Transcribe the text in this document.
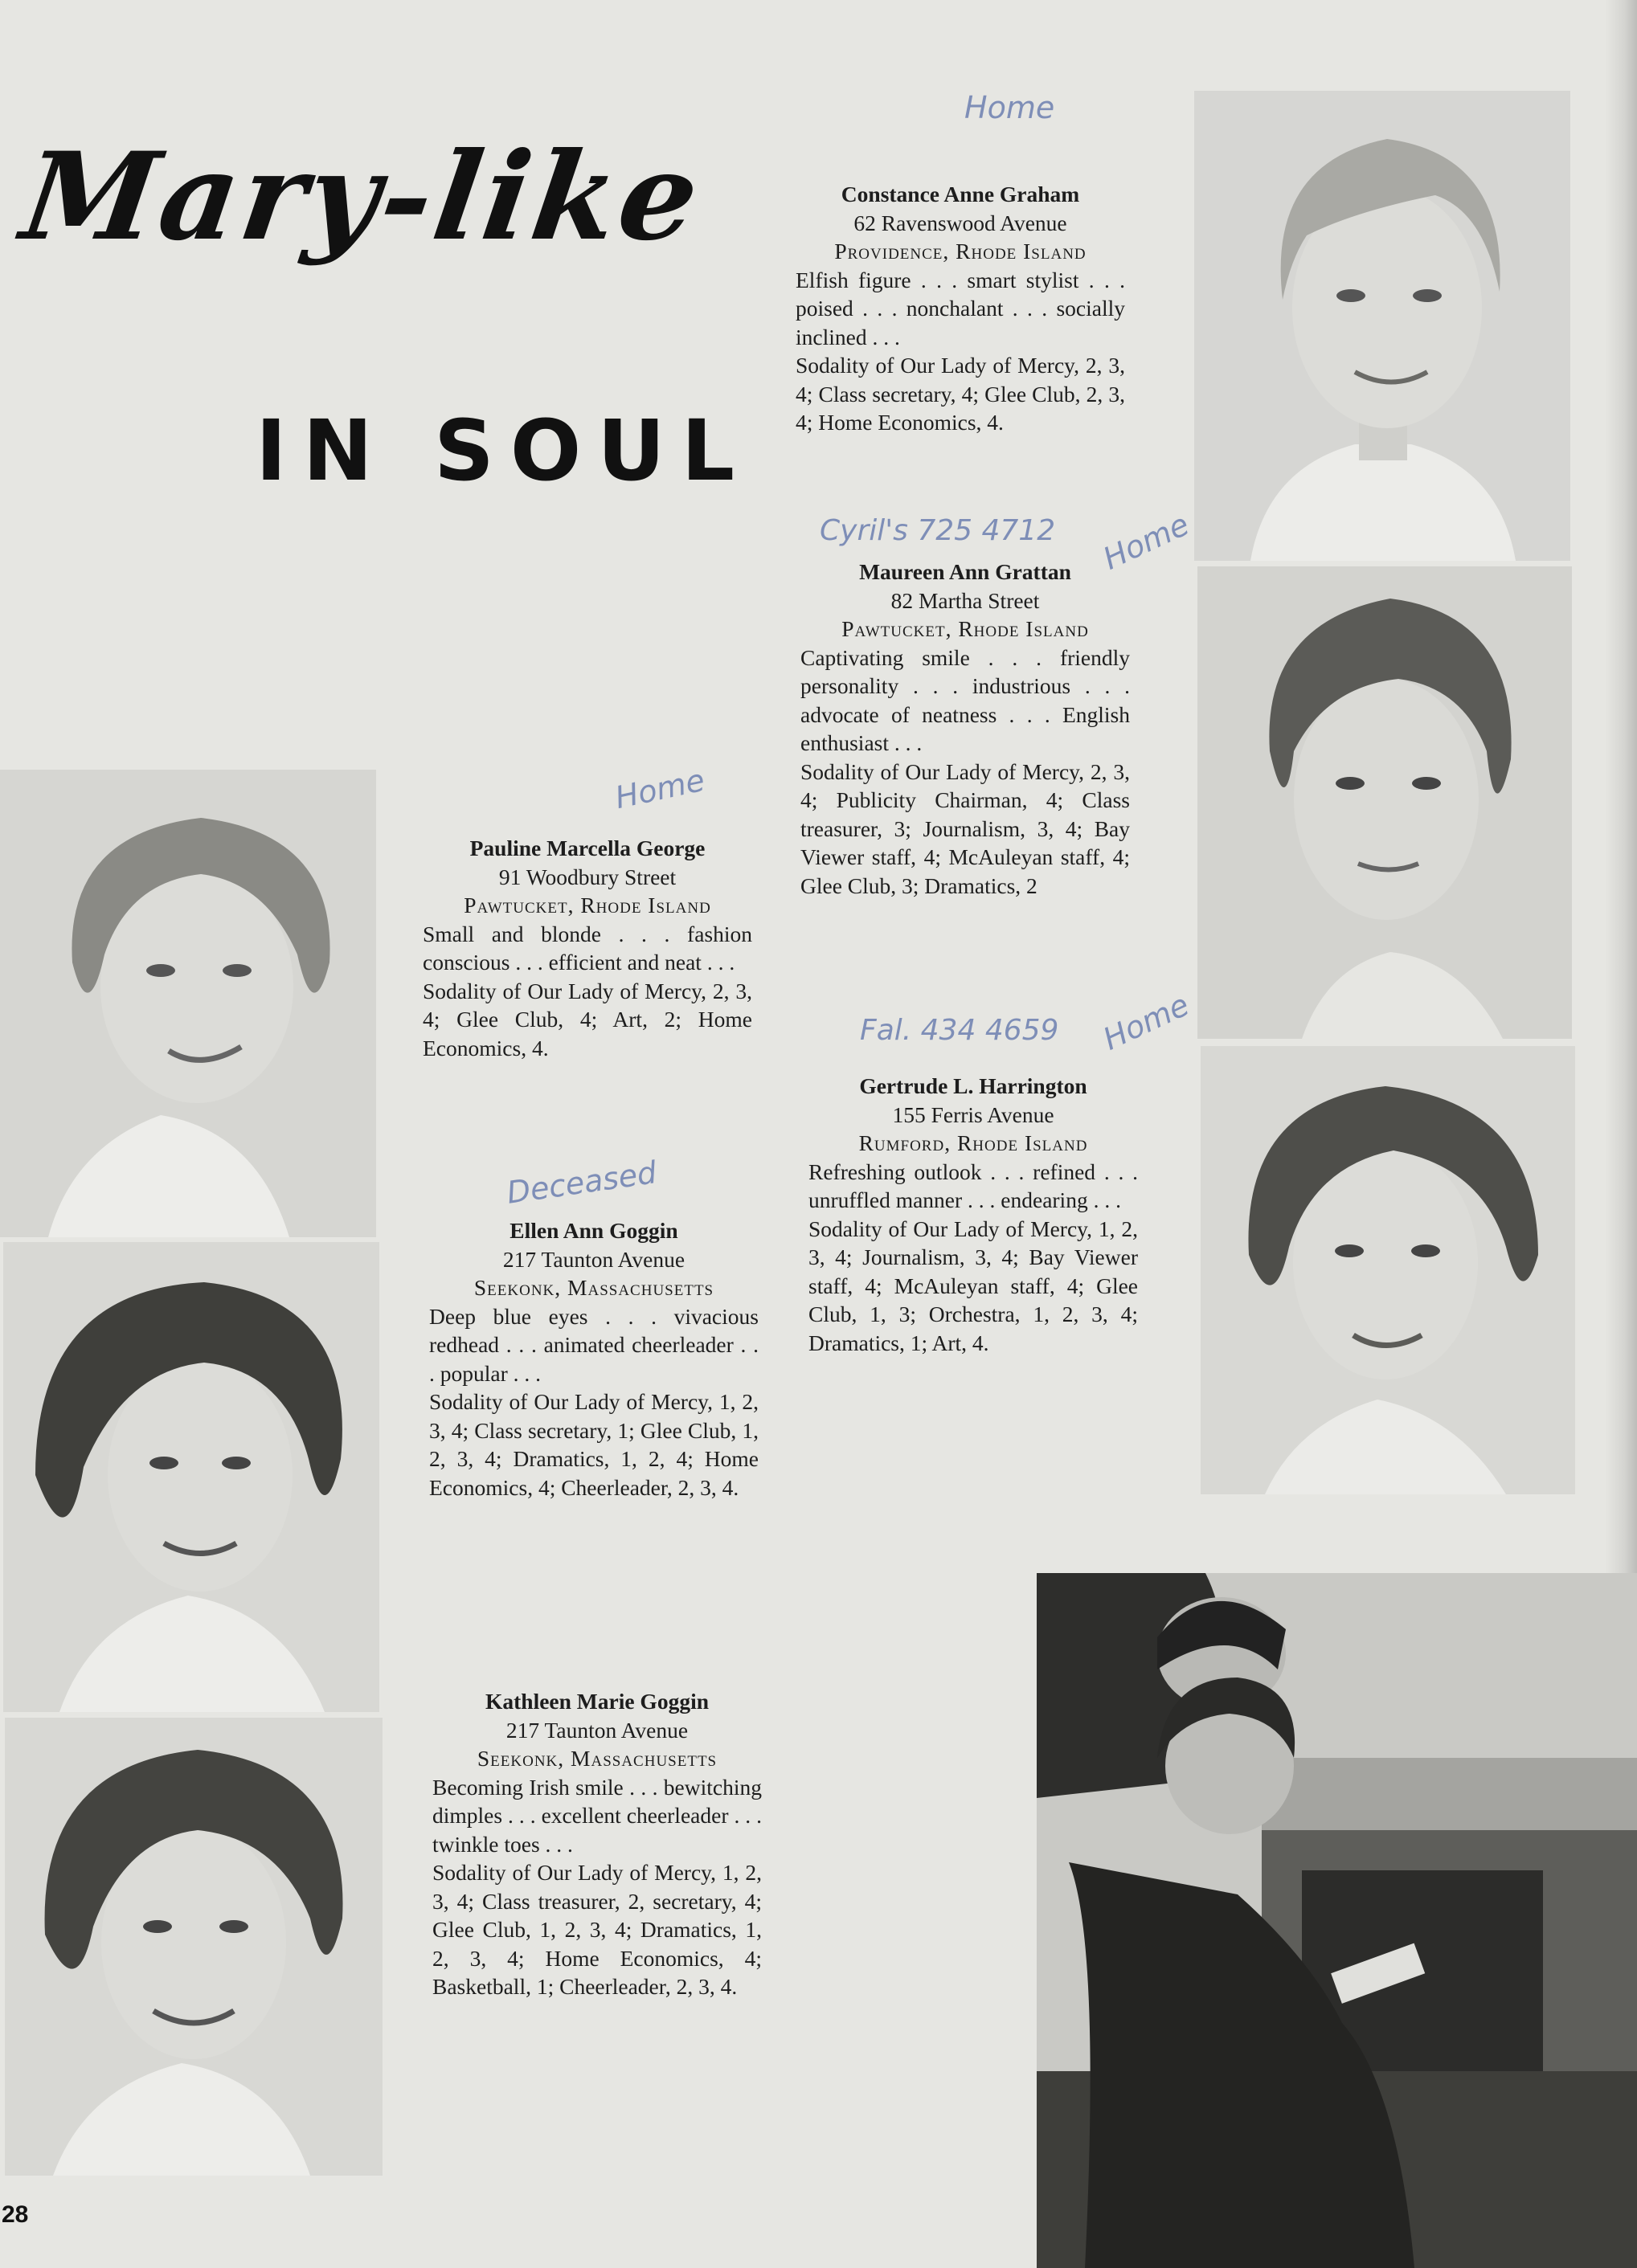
Mary-like
IN SOUL
Constance Anne Graham
62 Ravenswood Avenue
Providence, Rhode Island
Elfish figure . . . smart stylist . . . poised . . . nonchalant . . . socially inclined . . .
Sodality of Our Lady of Mercy, 2, 3, 4; Class secretary, 4; Glee Club, 2, 3, 4; Home Economics, 4.
Maureen Ann Grattan
82 Martha Street
Pawtucket, Rhode Island
Captivating smile . . . friendly personality . . . industrious . . . advocate of neatness . . . English enthusiast . . .
Sodality of Our Lady of Mercy, 2, 3, 4; Publicity Chairman, 4; Class treasurer, 3; Journalism, 3, 4; Bay Viewer staff, 4; McAuleyan staff, 4; Glee Club, 3; Dramatics, 2
Pauline Marcella George
91 Woodbury Street
Pawtucket, Rhode Island
Small and blonde . . . fashion conscious . . . efficient and neat . . .
Sodality of Our Lady of Mercy, 2, 3, 4; Glee Club, 4; Art, 2; Home Economics, 4.
Gertrude L. Harrington
155 Ferris Avenue
Rumford, Rhode Island
Refreshing outlook . . . refined . . . unruffled manner . . . endearing . . .
Sodality of Our Lady of Mercy, 1, 2, 3, 4; Journalism, 3, 4; Bay Viewer staff, 4; McAuleyan staff, 4; Glee Club, 1, 3; Orchestra, 1, 2, 3, 4; Dramatics, 1; Art, 4.
Ellen Ann Goggin
217 Taunton Avenue
Seekonk, Massachusetts
Deep blue eyes . . . vivacious redhead . . . animated cheerleader . . . popular . . .
Sodality of Our Lady of Mercy, 1, 2, 3, 4; Class secretary, 1; Glee Club, 1, 2, 3, 4; Dramatics, 1, 2, 4; Home Economics, 4; Cheerleader, 2, 3, 4.
Kathleen Marie Goggin
217 Taunton Avenue
Seekonk, Massachusetts
Becoming Irish smile . . . bewitching dimples . . . excellent cheerleader . . . twinkle toes . . .
Sodality of Our Lady of Mercy, 1, 2, 3, 4; Class treasurer, 2, secretary, 4; Glee Club, 1, 2, 3, 4; Dramatics, 1, 2, 3, 4; Home Economics, 4; Basketball, 1; Cheerleader, 2, 3, 4.
Home
Cyril's 725 4712 Home
Home
Deceased
Fal. 434 4659 Home
28
